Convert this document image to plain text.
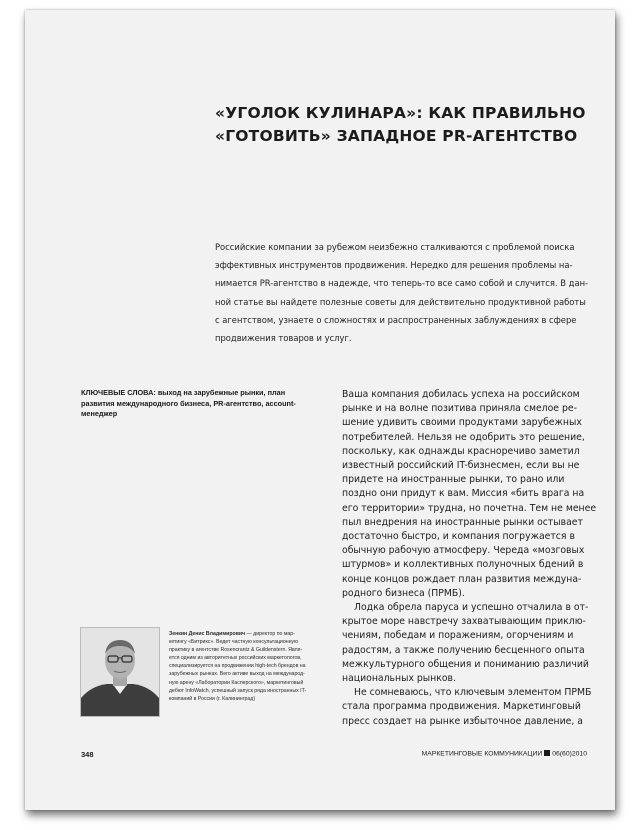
«УГОЛОК КУЛИНАРА»: КАК ПРАВИЛЬНО
«ГОТОВИТЬ» ЗАПАДНОЕ PR-АГЕНТСТВО
Российские компании за рубежом неизбежно сталкиваются с проблемой поиска
эффективных инструментов продвижения. Нередко для решения проблемы на-
нимается PR-агентство в надежде, что теперь-то все само собой и случится. В дан-
ной статье вы найдете полезные советы для действительно продуктивной работы
с агентством, узнаете о сложностях и распространенных заблуждениях в сфере
продвижения товаров и услуг.
КЛЮЧЕВЫЕ СЛОВА: выход на зарубежные рынки, план
развития международного бизнеса, PR-агентство, account-
менеджер
Ваша компания добилась успеха на российском
рынке и на волне позитива приняла смелое ре-
шение удивить своими продуктами зарубежных
потребителей. Нельзя не одобрить это решение,
поскольку, как однажды красноречиво заметил
известный российский IT-бизнесмен, если вы не
придете на иностранные рынки, то рано или
поздно они придут к вам. Миссия «бить врага на
его территории» трудна, но почетна. Тем не менее
пыл внедрения на иностранные рынки остывает
достаточно быстро, и компания погружается в
обычную рабочую атмосферу. Череда «мозговых
штурмов» и коллективных полуночных бдений в
конце концов рождает план развития междуна-
родного бизнеса (ПРМБ).
Лодка обрела паруса и успешно отчалила в от-
крытое море навстречу захватывающим приклю-
чениям, победам и поражениям, огорчениям и
радостям, а также получению бесценного опыта
межкультурного общения и пониманию различий
национальных рынков.
Не сомневаюсь, что ключевым элементом ПРМБ
стала программа продвижения. Маркетинговый
пресс создает на рынке избыточное давление, а
Зенкин Денис Владимирович — директор по мар-
кетингу «Битрикс». Ведет частную консультационную
практику в агентстве Rosencrantz & Guildenstern. Явля-
ется одним из авторитетных российских маркетологов,
специализируется на продвижении high-tech брендов на
зарубежных рынках. Вего активе выход на международ-
ную арену «Лаборатории Касперского», маркетинговый
дебют InfoWatch, успешный запуск ряда иностранных IT-
компаний в России (г. Калининград)
348	МАРКЕТИНГОВЫЕ КОММУНИКАЦИИ 06(60)2010
